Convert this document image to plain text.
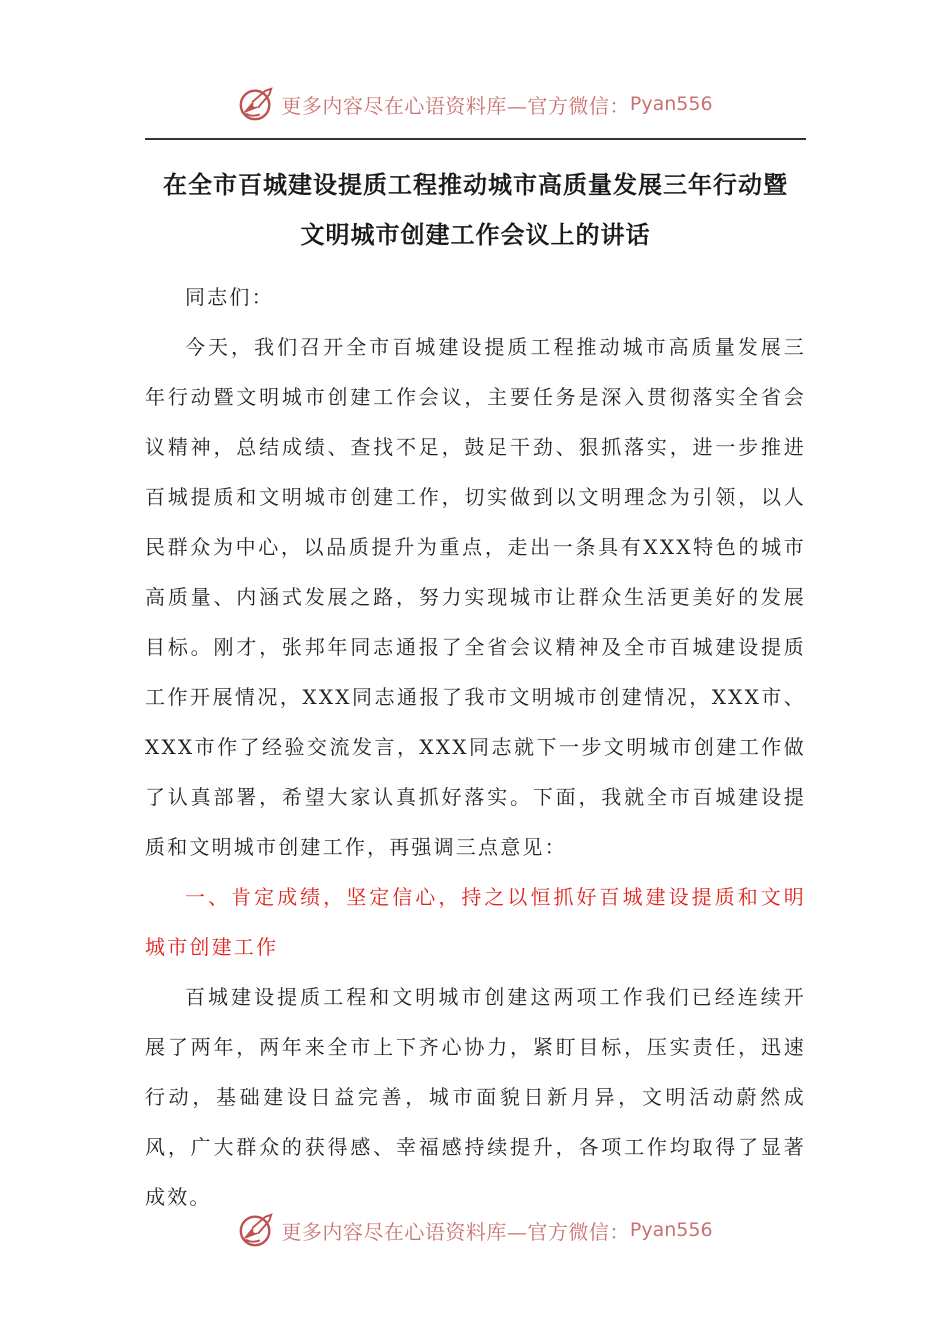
更多内容尽在心语资料库—官方微信： Pyan556
在全市百城建设提质工程推动城市高质量发展三年行动暨
文明城市创建工作会议上的讲话

同志们：

今天，我们召开全市百城建设提质工程推动城市高质量发展三年行动暨文明城市创建工作会议，主要任务是深入贯彻落实全省会议精神，总结成绩、查找不足，鼓足干劲、狠抓落实，进一步推进百城提质和文明城市创建工作，切实做到以文明理念为引领，以人民群众为中心，以品质提升为重点，走出一条具有XXX特色的城市高质量、内涵式发展之路，努力实现城市让群众生活更美好的发展目标。刚才，张邦年同志通报了全省会议精神及全市百城建设提质工作开展情况，XXX同志通报了我市文明城市创建情况，XXX市、XXX市作了经验交流发言，XXX同志就下一步文明城市创建工作做了认真部署，希望大家认真抓好落实。下面，我就全市百城建设提质和文明城市创建工作，再强调三点意见：

一、肯定成绩，坚定信心，持之以恒抓好百城建设提质和文明城市创建工作

百城建设提质工程和文明城市创建这两项工作我们已经连续开展了两年，两年来全市上下齐心协力，紧盯目标，压实责任，迅速行动，基础建设日益完善，城市面貌日新月异，文明活动蔚然成风，广大群众的获得感、幸福感持续提升，各项工作均取得了显著成效。

更多内容尽在心语资料库—官方微信： Pyan556
